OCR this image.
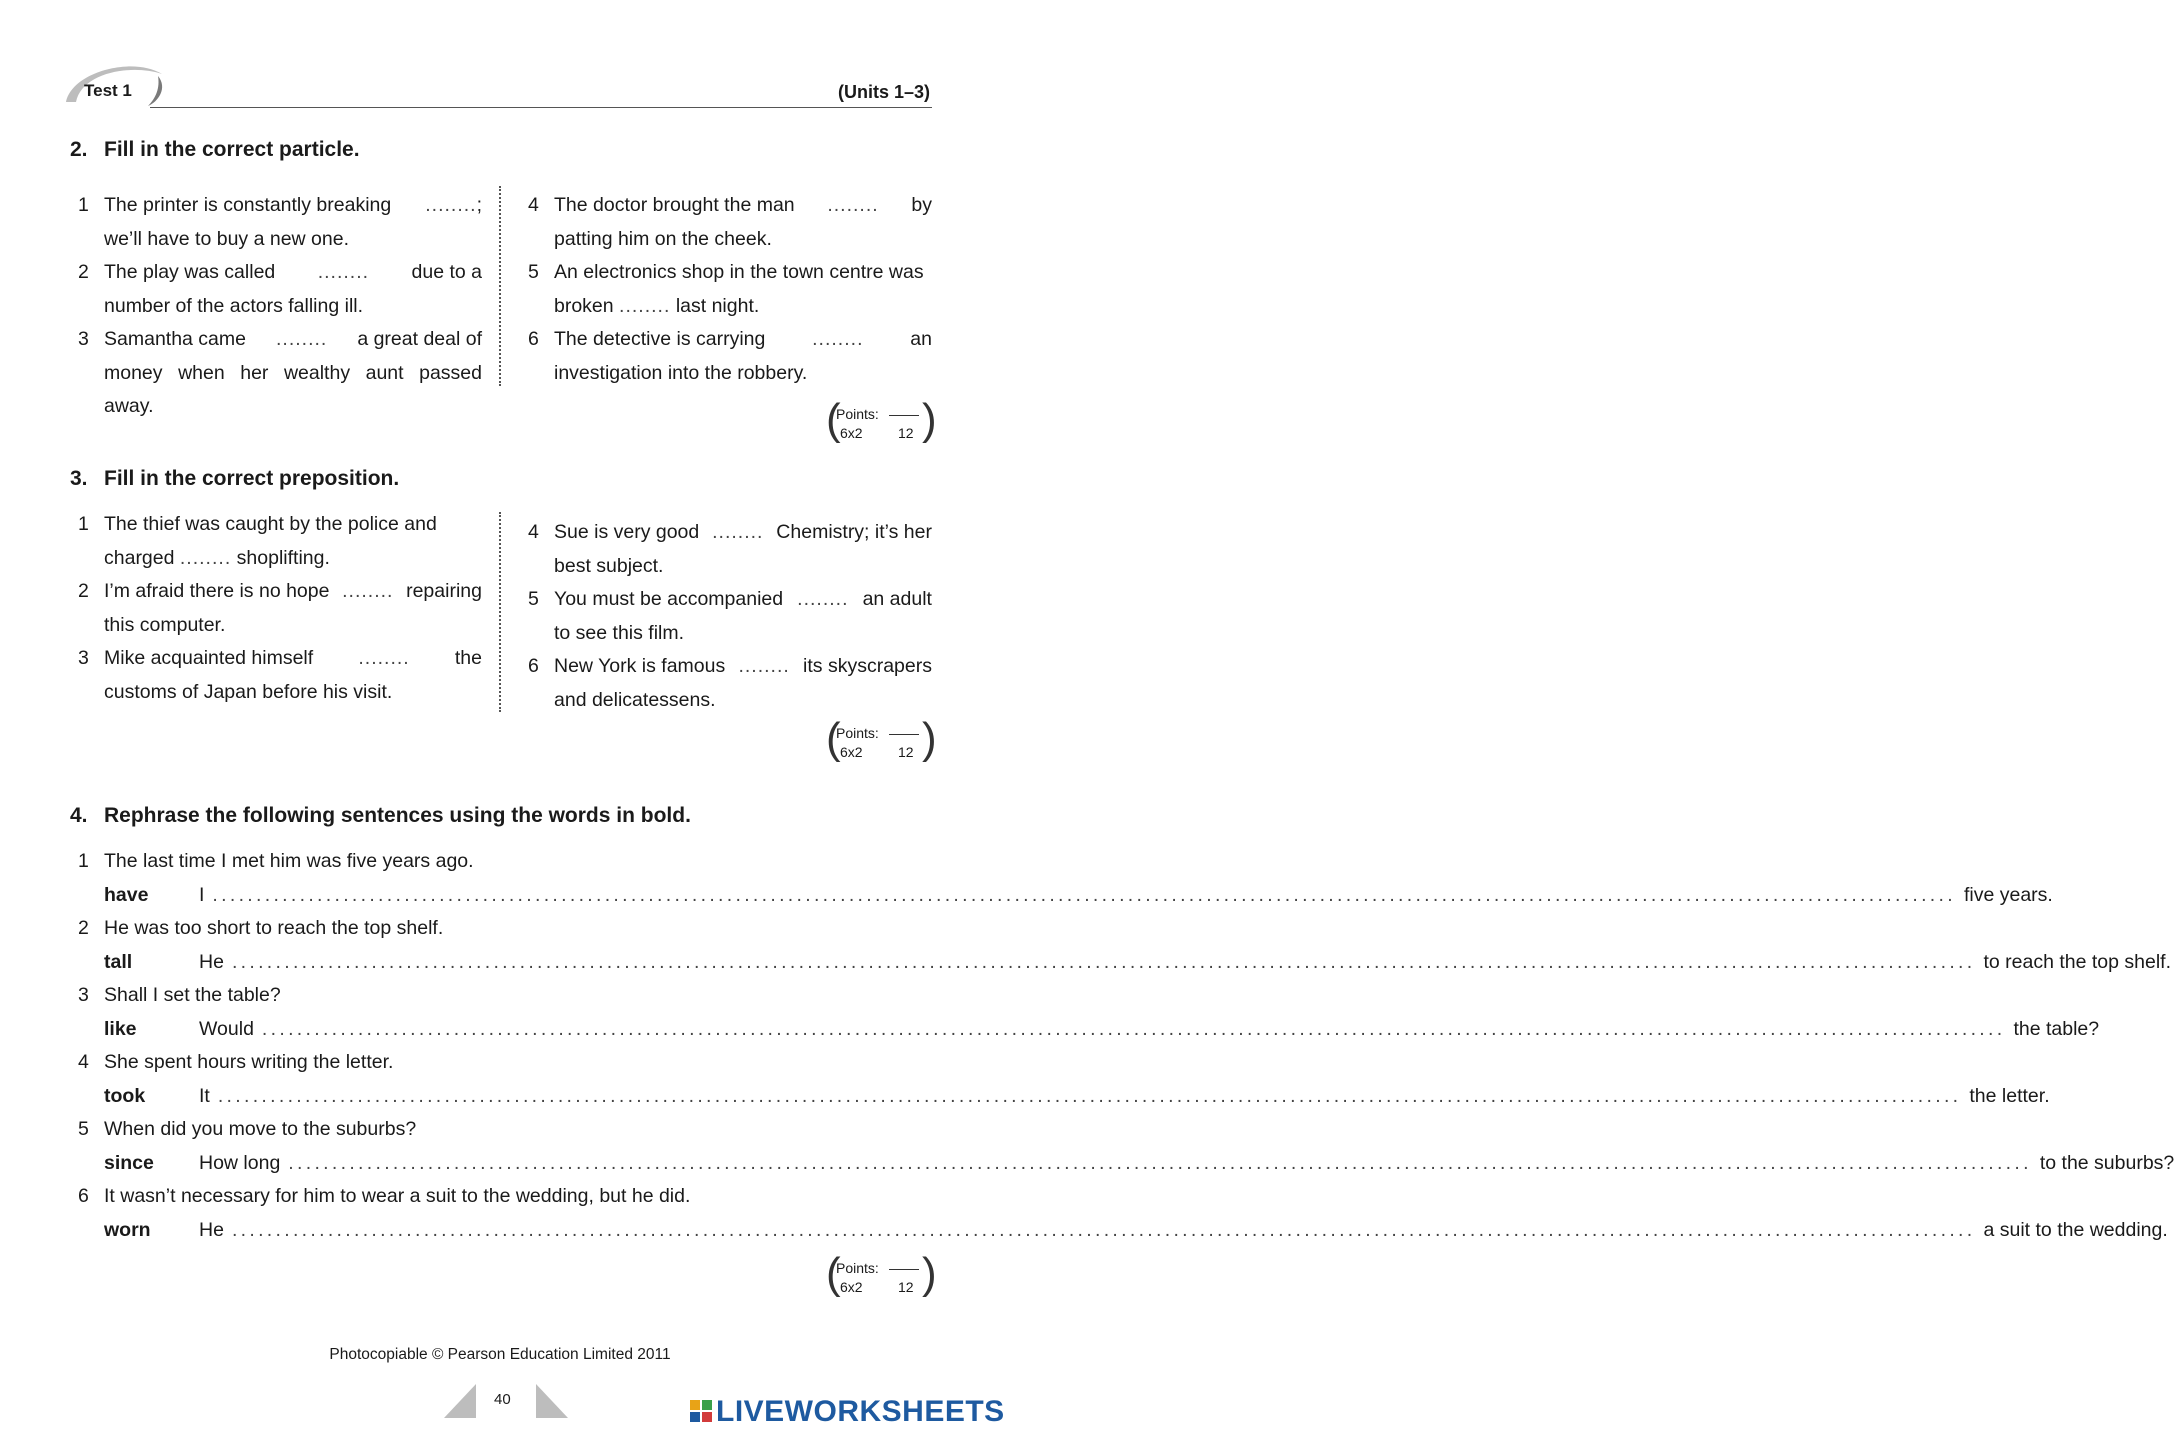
Test 1	(Units 1–3)
2. Fill in the correct particle.
1 The printer is constantly breaking ........;
we’ll have to buy a new one.
2 The play was called ........ due to a
number of the actors falling ill.
3 Samantha came ........ a great deal of
money when her wealthy aunt passed away.
4 The doctor brought the man ........ by
patting him on the cheek.
5 An electronics shop in the town centre was
broken ........ last night.
6 The detective is carrying ........ an
investigation into the robbery.
(
Points:
6x2	12 )
3. Fill in the correct preposition.
1 The thief was caught by the police and
charged ........ shoplifting.
2 I’m afraid there is no hope ........ repairing
this computer.
3 Mike acquainted himself ........ the
customs of Japan before his visit.
4 Sue is very good ........ Chemistry; it’s her
best subject.
5 You must be accompanied ........ an adult
to see this film.
6 New York is famous ........ its skyscrapers
and delicatessens.
(
Points:
6x2	12 )
4. Rephrase the following sentences using the words in bold.
1 The last time I met him was five years ago.
have	I ........................................................................................................................................................................................................ five years.
2 He was too short to reach the top shelf.
tall	He ........................................................................................................................................................................................................ to reach the top shelf.
3 Shall I set the table?
like	Would ........................................................................................................................................................................................................ the table?
4 She spent hours writing the letter.
took	It ........................................................................................................................................................................................................ the letter.
5 When did you move to the suburbs?
since How long ........................................................................................................................................................................................................ to the suburbs?
6 It wasn’t necessary for him to wear a suit to the wedding, but he did.
worn He ........................................................................................................................................................................................................ a suit to the wedding.
(
Points:
6x2	12 )
Photocopiable © Pearson Education Limited 2011
40	LIVEWORKSHEETS
